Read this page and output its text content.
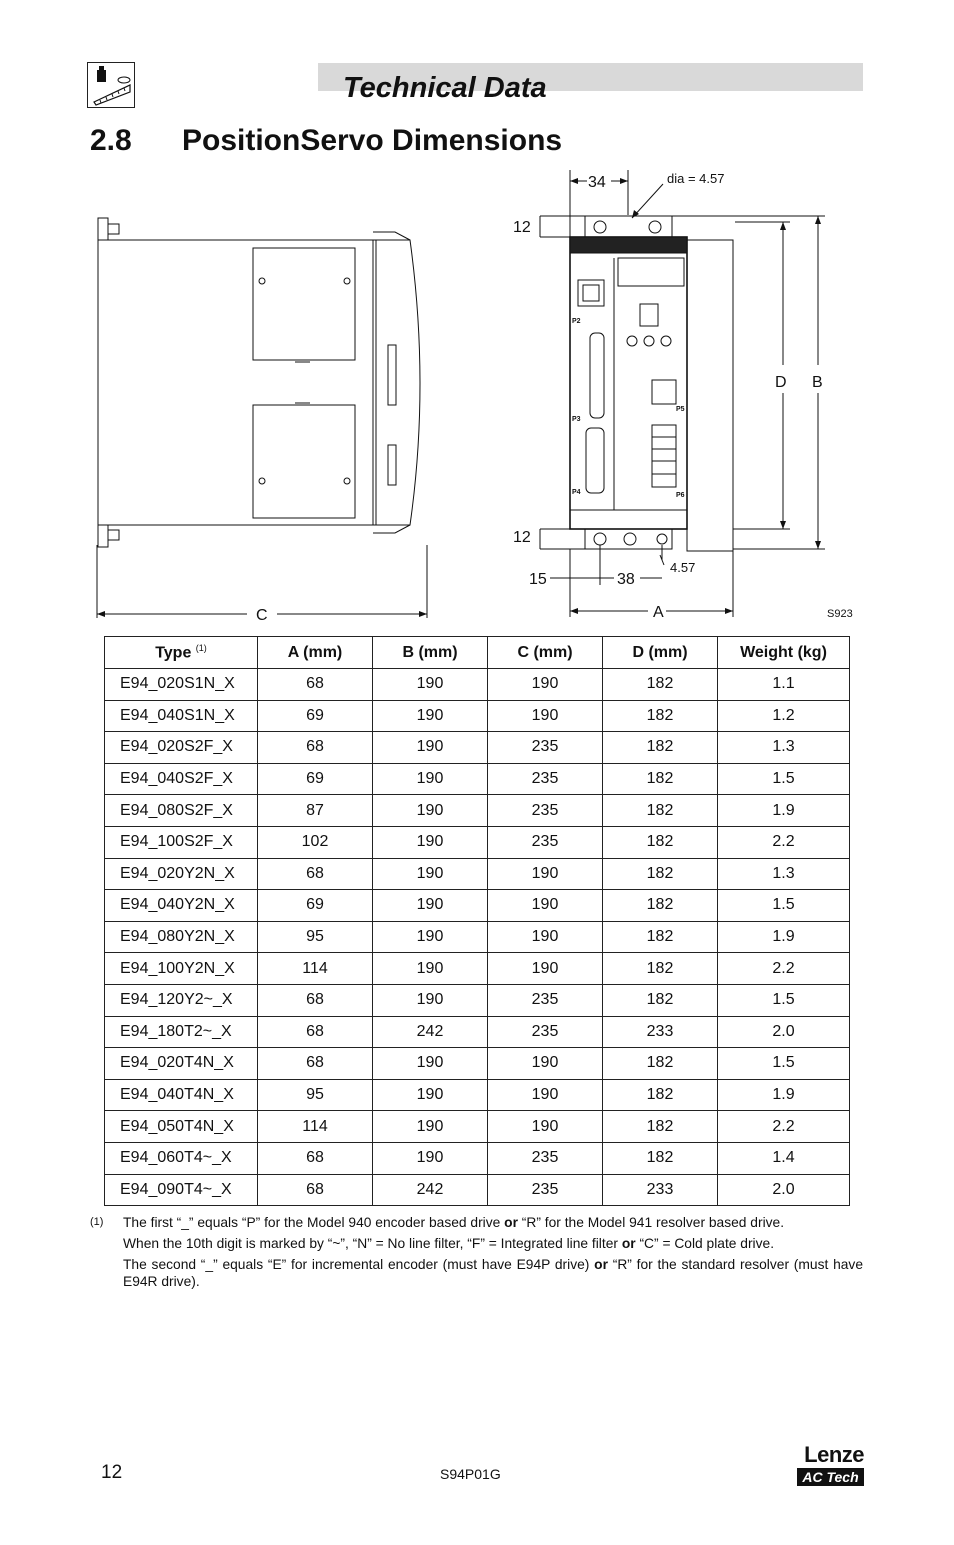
Technical Data
2.8 PositionServo Dimensions
34	dia = 4.57
12
D B
12
15	38
4.57
A
C	S923
P2
P3
P4
P5
P6
Type $^{(1)}$	A (mm)	B (mm)	C (mm)	D (mm)	Weight (kg)
E94_020S1N_X	68	190	190	182	1.1
E94_040S1N_X	69	190	190	182	1.2
E94_020S2F_X	68	190	235	182	1.3
E94_040S2F_X	69	190	235	182	1.5
E94_080S2F_X	87	190	235	182	1.9
E94_100S2F_X	102	190	235	182	2.2
E94_020Y2N_X	68	190	190	182	1.3
E94_040Y2N_X	69	190	190	182	1.5
E94_080Y2N_X	95	190	190	182	1.9
E94_100Y2N_X	114	190	190	182	2.2
E94_120Y2~_X	68	190	235	182	1.5
E94_180T2~_X	68	242	235	233	2.0
E94_020T4N_X	68	190	190	182	1.5
E94_040T4N_X	95	190	190	182	1.9
E94_050T4N_X	114	190	190	182	2.2
E94_060T4~_X	68	190	235	182	1.4
E94_090T4~_X	68	242	235	233	2.0
(1) The first “_” equals “P” for the Model 940 encoder based drive or “R” for the Model 941 resolver based drive.

When the 10th digit is marked by “~”, “N” = No line filter, “F” = Integrated line filter or “C” = Cold plate drive.

The second “_” equals “E” for incremental encoder (must have E94P drive) or “R” for the standard resolver (must have E94R drive).

12	S94P01G
Lenze
AC Tech
